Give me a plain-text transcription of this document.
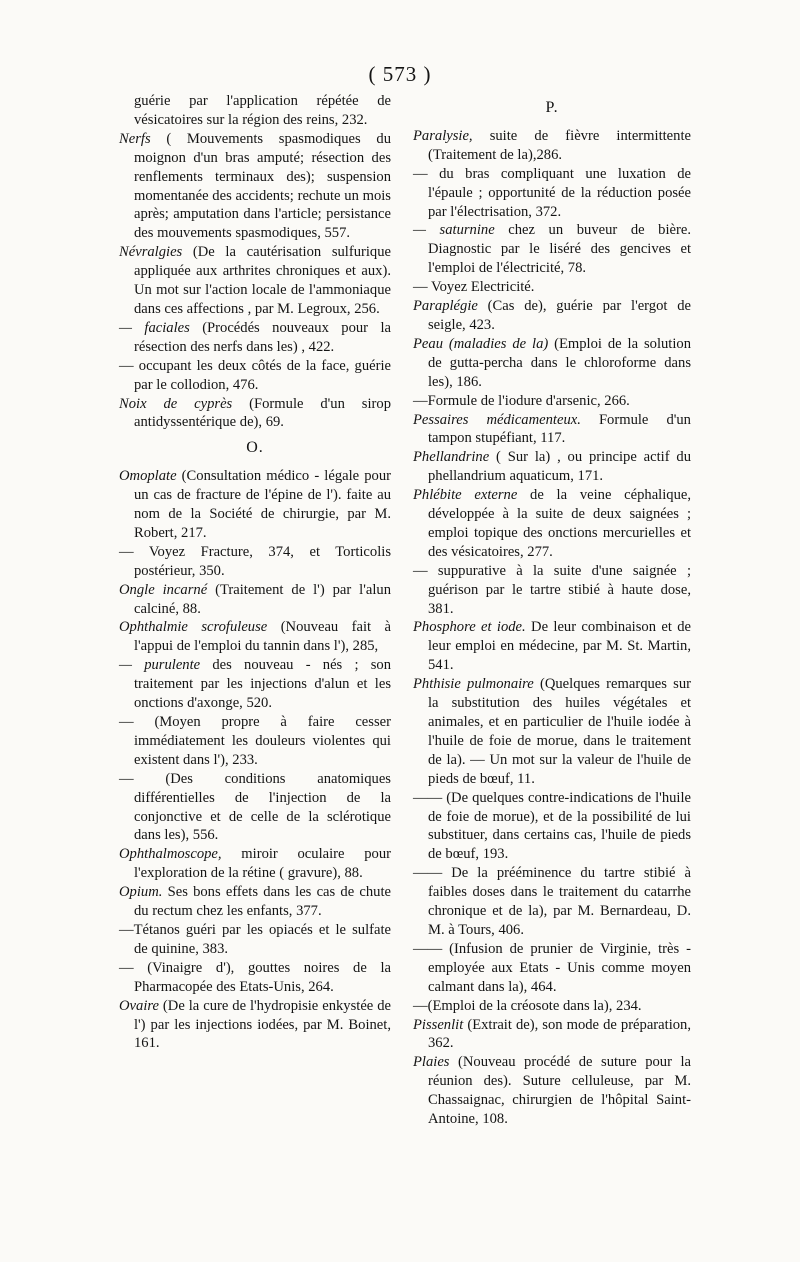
( 573 )
guérie par l'application répétée de vésicatoires sur la région des reins, 232.
Nerfs ( Mouvements spasmodiques du moignon d'un bras amputé; résection des renflements terminaux des); suspension momentanée des accidents; rechute un mois après; amputation dans l'article; persistance des mouvements spasmodiques, 557.
Névralgies (De la cautérisation sulfurique appliquée aux arthrites chroniques et aux). Un mot sur l'action locale de l'ammoniaque dans ces affections , par M. Legroux, 256.
— faciales (Procédés nouveaux pour la résection des nerfs dans les) , 422.
— occupant les deux côtés de la face, guérie par le collodion, 476.
Noix de cyprès (Formule d'un sirop antidyssentérique de), 69.
O.
Omoplate (Consultation médico - légale pour un cas de fracture de l'épine de l'). faite au nom de la Société de chirurgie, par M. Robert, 217.
— Voyez Fracture, 374, et Torticolis postérieur, 350.
Ongle incarné (Traitement de l') par l'alun calciné, 88.
Ophthalmie scrofuleuse (Nouveau fait à l'appui de l'emploi du tannin dans l'), 285,
— purulente des nouveau - nés ; son traitement par les injections d'alun et les onctions d'axonge, 520.
— (Moyen propre à faire cesser immédiatement les douleurs violentes qui existent dans l'), 233.
— (Des conditions anatomiques différentielles de l'injection de la conjonctive et de celle de la sclérotique dans les), 556.
Ophthalmoscope, miroir oculaire pour l'exploration de la rétine ( gravure), 88.
Opium. Ses bons effets dans les cas de chute du rectum chez les enfants, 377.
—Tétanos guéri par les opiacés et le sulfate de quinine, 383.
— (Vinaigre d'), gouttes noires de la Pharmacopée des Etats-Unis, 264.
Ovaire (De la cure de l'hydropisie enkystée de l') par les injections iodées, par M. Boinet, 161.
P.
Paralysie, suite de fièvre intermittente (Traitement de la),286.
— du bras compliquant une luxation de l'épaule ; opportunité de la réduction posée par l'électrisation, 372.
— saturnine chez un buveur de bière. Diagnostic par le liséré des gencives et l'emploi de l'électricité, 78.
— Voyez Electricité.
Paraplégie (Cas de), guérie par l'ergot de seigle, 423.
Peau (maladies de la) (Emploi de la solution de gutta-percha dans le chloroforme dans les), 186.
—Formule de l'iodure d'arsenic, 266.
Pessaires médicamenteux. Formule d'un tampon stupéfiant, 117.
Phellandrine ( Sur la) , ou principe actif du phellandrium aquaticum, 171.
Phlébite externe de la veine céphalique, développée à la suite de deux saignées ; emploi topique des onctions mercurielles et des vésicatoires, 277.
— suppurative à la suite d'une saignée ; guérison par le tartre stibié à haute dose, 381.
Phosphore et iode. De leur combinaison et de leur emploi en médecine, par M. St. Martin, 541.
Phthisie pulmonaire (Quelques remarques sur la substitution des huiles végétales et animales, et en particulier de l'huile iodée à l'huile de foie de morue, dans le traitement de la). — Un mot sur la valeur de l'huile de pieds de bœuf, 11.
—— (De quelques contre-indications de l'huile de foie de morue), et de la possibilité de lui substituer, dans certains cas, l'huile de pieds de bœuf, 193.
—— De la prééminence du tartre stibié à faibles doses dans le traitement du catarrhe chronique et de la), par M. Bernardeau, D. M. à Tours, 406.
—— (Infusion de prunier de Virginie, très - employée aux Etats - Unis comme moyen calmant dans la), 464.
—(Emploi de la créosote dans la), 234.
Pissenlit (Extrait de), son mode de préparation, 362.
Plaies (Nouveau procédé de suture pour la réunion des). Suture celluleuse, par M. Chassaignac, chirurgien de l'hôpital Saint-Antoine, 108.
